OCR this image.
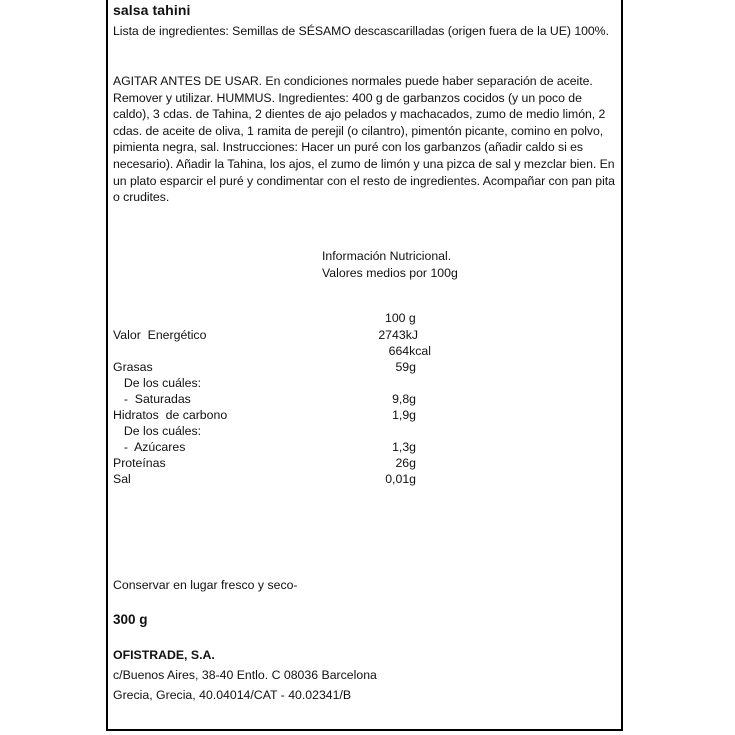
salsa tahini
Lista de ingredientes: Semillas de SÉSAMO descascarilladas (origen fuera de la UE) 100%.
AGITAR ANTES DE USAR. En condiciones normales puede haber separación de aceite. Remover y utilizar. HUMMUS. Ingredientes: 400 g de garbanzos cocidos (y un poco de caldo), 3 cdas. de Tahina, 2 dientes de ajo pelados y machacados, zumo de medio limón, 2 cdas. de aceite de oliva, 1 ramita de perejil (o cilantro), pimentón picante, comino en polvo, pimienta negra, sal. Instrucciones: Hacer un puré con los garbanzos (añadir caldo si es necesario). Añadir la Tahina, los ajos, el zumo de limón y una pizca de sal y mezclar bien. En un plato esparcir el puré y condimentar con el resto de ingredientes. Acompañar con pan pita o crudites.
Información Nutricional.
Valores medios por 100g
100 g
Valor  Energético	2743kJ
664kcal
Grasas	59g
De los cuáles:
-  Saturadas	9,8g
Hidratos  de carbono	1,9g
De los cuáles:
-  Azúcares	1,3g
Proteínas	26g
Sal	0,01g
Conservar en lugar fresco y seco-
300 g
OFISTRADE, S.A.
c/Buenos Aires, 38-40 Entlo. C 08036 Barcelona
Grecia, Grecia, 40.04014/CAT - 40.02341/B
